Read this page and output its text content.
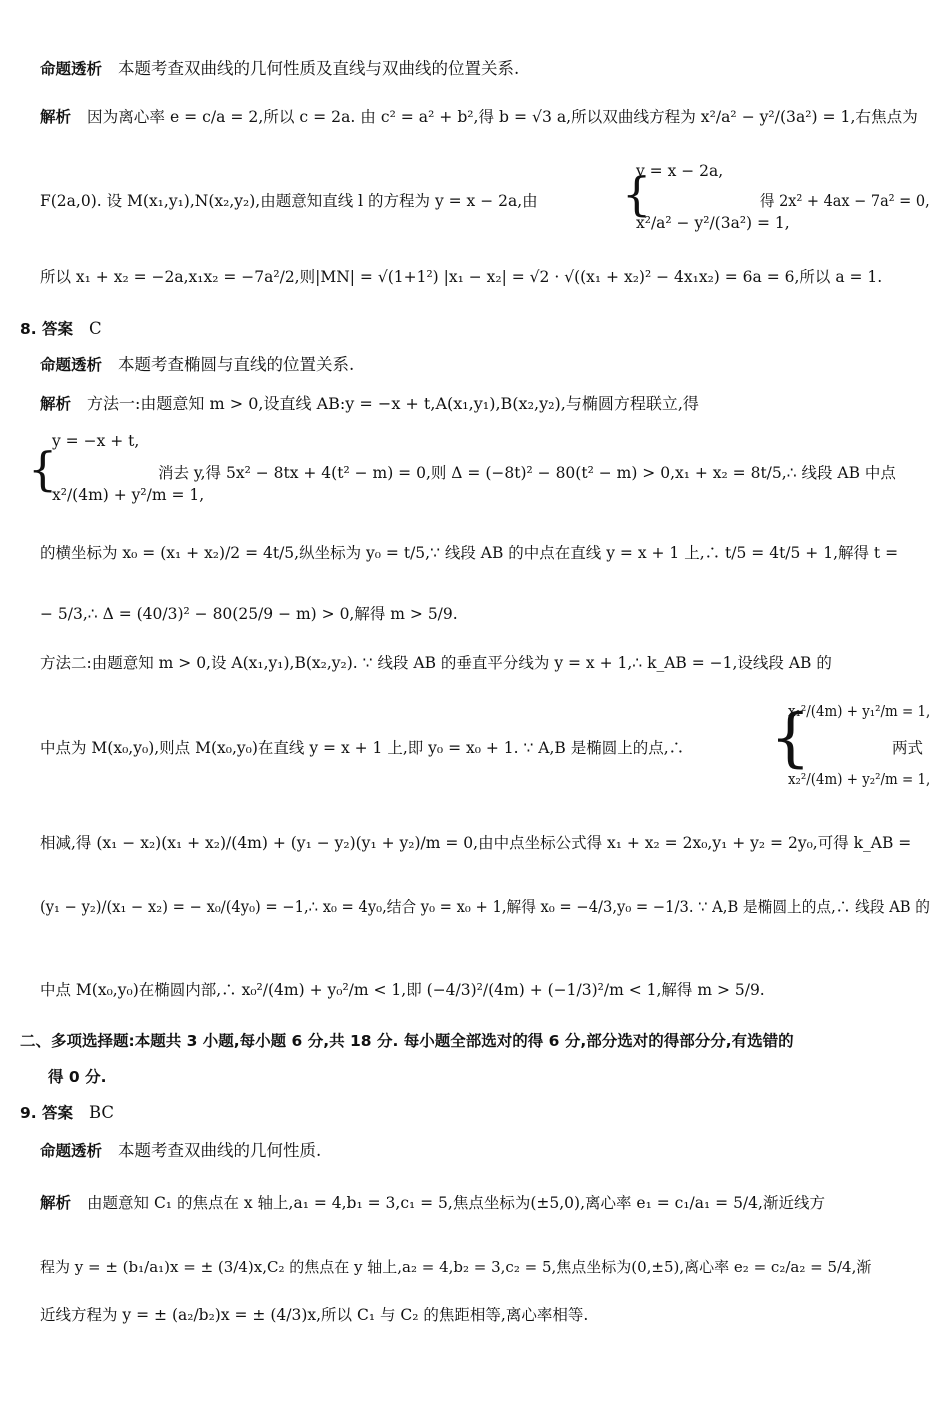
命题透析 本题考查双曲线的几何性质及直线与双曲线的位置关系.
解析 因为离心率 e = c/a = 2,所以 c = 2a. 由 c² = a² + b²,得 b = √3 a,所以双曲线方程为 x²/a² − y²/(3a²) = 1,右焦点为
y = x − 2a,
F(2a,0). 设 M(x₁,y₁),N(x₂,y₂),由题意知直线 l 的方程为 y = x − 2a,由 {
x²/a² − y²/(3a²) = 1,
得 2x² + 4ax − 7a² = 0,
所以 x₁ + x₂ = −2a,x₁x₂ = −7a²/2,则|MN| = √(1+1²) |x₁ − x₂| = √2 · √((x₁ + x₂)² − 4x₁x₂) = 6a = 6,所以 a = 1.
8. 答案 C
命题透析 本题考查椭圆与直线的位置关系.
解析 方法一:由题意知 m > 0,设直线 AB:y = −x + t,A(x₁,y₁),B(x₂,y₂),与椭圆方程联立,得
{
y = −x + t,
x²/(4m) + y²/m = 1,
消去 y,得 5x² − 8tx + 4(t² − m) = 0,则 Δ = (−8t)² − 80(t² − m) > 0,x₁ + x₂ = 8t/5,∴ 线段 AB 中点
的横坐标为 x₀ = (x₁ + x₂)/2 = 4t/5,纵坐标为 y₀ = t/5,∵ 线段 AB 的中点在直线 y = x + 1 上,∴ t/5 = 4t/5 + 1,解得 t =
− 5/3,∴ Δ = (40/3)² − 80(25/9 − m) > 0,解得 m > 5/9.
方法二:由题意知 m > 0,设 A(x₁,y₁),B(x₂,y₂). ∵ 线段 AB 的垂直平分线为 y = x + 1,∴ k_AB = −1,设线段 AB 的
{
x₁²/(4m) + y₁²/m = 1,
中点为 M(x₀,y₀),则点 M(x₀,y₀)在直线 y = x + 1 上,即 y₀ = x₀ + 1. ∵ A,B 是椭圆上的点,∴	两式
x₂²/(4m) + y₂²/m = 1,
相减,得 (x₁ − x₂)(x₁ + x₂)/(4m) + (y₁ − y₂)(y₁ + y₂)/m = 0,由中点坐标公式得 x₁ + x₂ = 2x₀,y₁ + y₂ = 2y₀,可得 k_AB =
(y₁ − y₂)/(x₁ − x₂) = − x₀/(4y₀) = −1,∴ x₀ = 4y₀,结合 y₀ = x₀ + 1,解得 x₀ = −4/3,y₀ = −1/3. ∵ A,B 是椭圆上的点,∴ 线段 AB 的
中点 M(x₀,y₀)在椭圆内部,∴ x₀²/(4m) + y₀²/m < 1,即 (−4/3)²/(4m) + (−1/3)²/m < 1,解得 m > 5/9.
二、多项选择题:本题共 3 小题,每小题 6 分,共 18 分. 每小题全部选对的得 6 分,部分选对的得部分分,有选错的
得 0 分.
9. 答案 BC
命题透析 本题考查双曲线的几何性质.
解析 由题意知 C₁ 的焦点在 x 轴上,a₁ = 4,b₁ = 3,c₁ = 5,焦点坐标为(±5,0),离心率 e₁ = c₁/a₁ = 5/4,渐近线方
程为 y = ± (b₁/a₁)x = ± (3/4)x,C₂ 的焦点在 y 轴上,a₂ = 4,b₂ = 3,c₂ = 5,焦点坐标为(0,±5),离心率 e₂ = c₂/a₂ = 5/4,渐
近线方程为 y = ± (a₂/b₂)x = ± (4/3)x,所以 C₁ 与 C₂ 的焦距相等,离心率相等.
